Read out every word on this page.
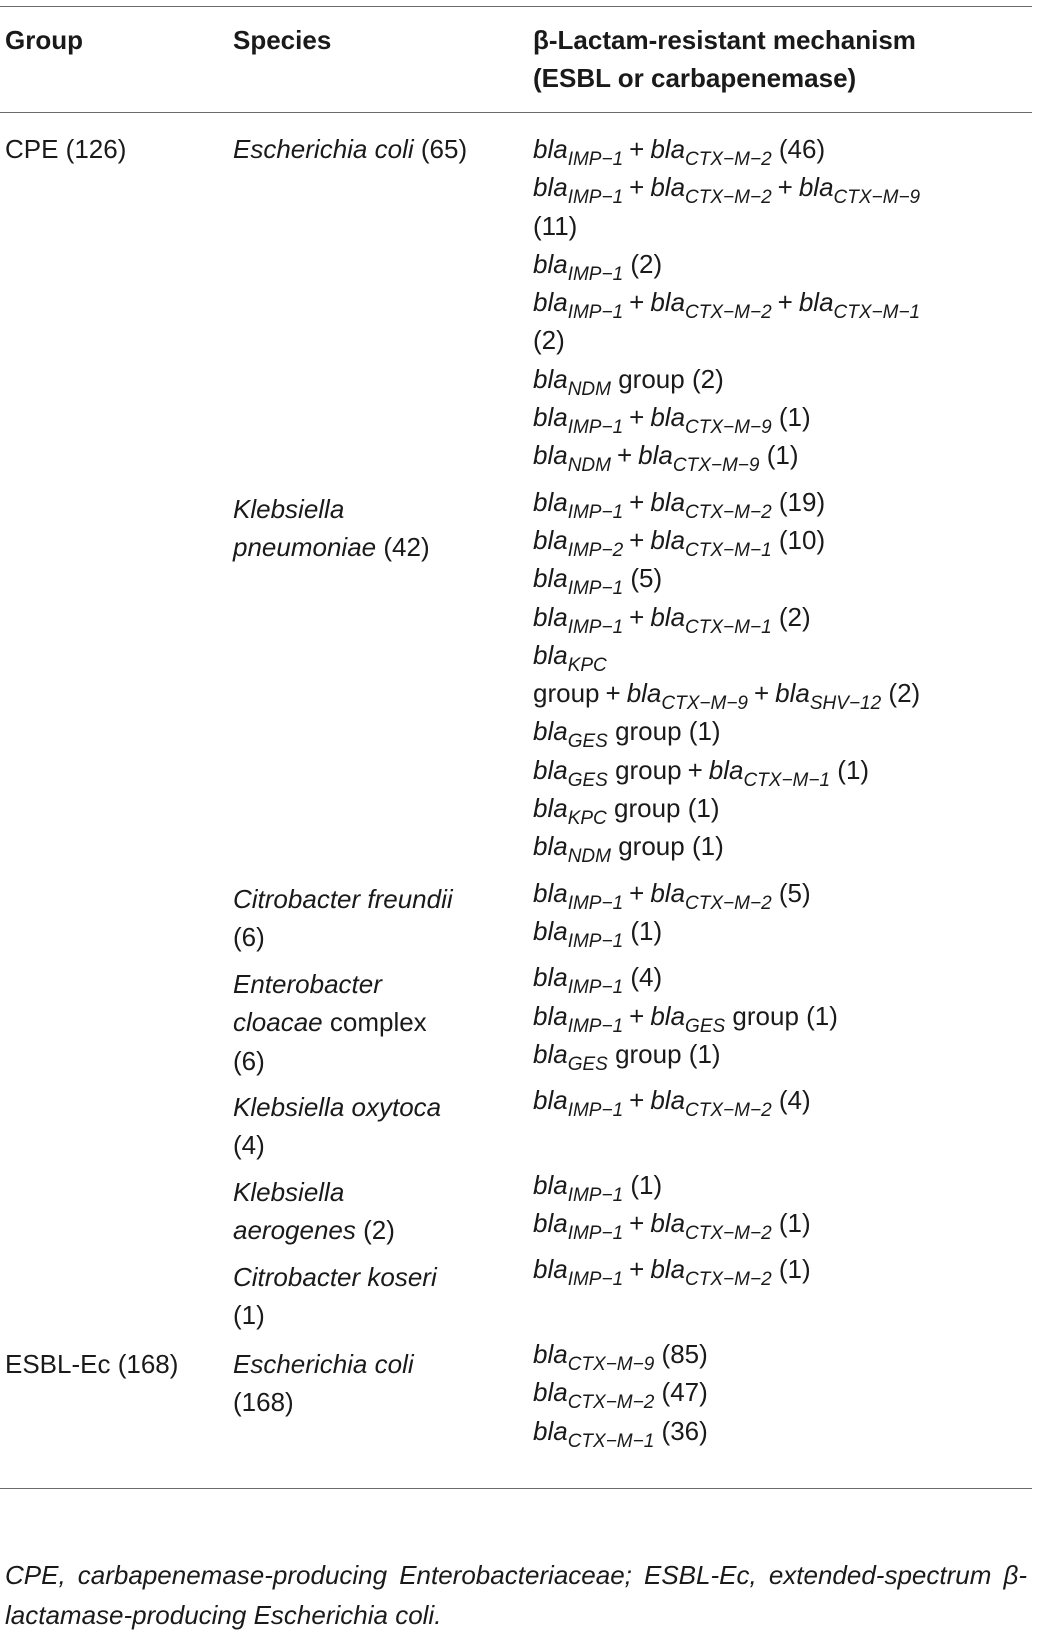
Group	Species	β-Lactam-resistant mechanism
(ESBL or carbapenemase)
CPE (126)
ESBL-Ec (168)
Escherichia coli (65)
Klebsiella
pneumoniae (42)
Citrobacter freundii
(6)
Enterobacter
cloacae complex
(6)
Klebsiella oxytoca
(4)
Klebsiella
aerogenes (2)
Citrobacter koseri
(1)
Escherichia coli
(168)
bla$_{IMP-1}$ + bla$_{CTX-M-2}$ (46)
bla$_{IMP-1}$ + bla$_{CTX-M-2}$ + bla$_{CTX-M-9}$
(11)
bla$_{IMP-1}$ (2)
bla$_{IMP-1}$ + bla$_{CTX-M-2}$ + bla$_{CTX-M-1}$
(2)
bla$_{NDM}$ group (2)
bla$_{IMP-1}$ + bla$_{CTX-M-9}$ (1)
bla$_{NDM}$ + bla$_{CTX-M-9}$ (1)
bla$_{IMP-1}$ + bla$_{CTX-M-2}$ (19)
bla$_{IMP-2}$ + bla$_{CTX-M-1}$ (10)
bla$_{IMP-1}$ (5)
bla$_{IMP-1}$ + bla$_{CTX-M-1}$ (2)
bla$_{KPC}$
group + bla$_{CTX-M-9}$ + bla$_{SHV-12}$ (2)
bla$_{GES}$ group (1)
bla$_{GES}$ group + bla$_{CTX-M-1}$ (1)
bla$_{KPC}$ group (1)
bla$_{NDM}$ group (1)
bla$_{IMP-1}$ + bla$_{CTX-M-2}$ (5)
bla$_{IMP-1}$ (1)
bla$_{IMP-1}$ (4)
bla$_{IMP-1}$ + bla$_{GES}$ group (1)
bla$_{GES}$ group (1)
bla$_{IMP-1}$ + bla$_{CTX-M-2}$ (4)

bla$_{IMP-1}$ (1)
bla$_{IMP-1}$ + bla$_{CTX-M-2}$ (1)
bla$_{IMP-1}$ + bla$_{CTX-M-2}$ (1)

bla$_{CTX-M-9}$ (85)
bla$_{CTX-M-2}$ (47)
bla$_{CTX-M-1}$ (36)
CPE, carbapenemase-producing Enterobacteriaceae; ESBL-Ec, extended-spectrum β-lactamase-producing Escherichia coli.
